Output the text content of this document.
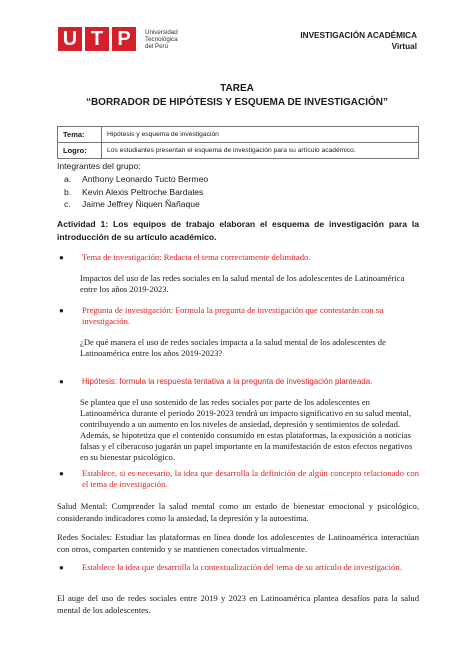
U T P	Universidad
Tecnológica
del Perú
INVESTIGACIÓN ACADÉMICA
Virtual
TAREA
“BORRADOR DE HIPÓTESIS Y ESQUEMA DE INVESTIGACIÓN”
Tema:	Hipótesis y esquema de investigación
Logro:	Los estudiantes presentan el esquema de investigación para su artículo académico.
Integrantes del grupo:
a.	Anthony Leonardo Tucto Bermeo
b.	Kevin Alexis Peltroche Bardales
c.	Jaime Jeffrey Ñiquen Ñañaque
Actividad 1: Los equipos de trabajo elaboran el esquema de investigación para la introducción de su artículo académico.
●	Tema de investigación: Redacta el tema correctamente delimitado.
Impactos del uso de las redes sociales en la salud mental de los adolescentes de Latinoamérica entre los años 2019-2023.
●	Pregunta de investigación: Formula la pregunta de investigación que contestarán con su investigación.
¿De qué manera el uso de redes sociales impacta a la salud mental de los adolescentes de Latinoamérica entre los años 2019-2023?
●	Hipótesis: formula la respuesta tentativa a la pregunta de investigación planteada.
Se plantea que el uso sostenido de las redes sociales por parte de los adolescentes en Latinoamérica durante el periodo 2019-2023 tendrá un impacto significativo en su salud mental, contribuyendo a un aumento en los niveles de ansiedad, depresión y sentimientos de soledad. Además, se hipotetiza que el contenido consumido en estas plataformas, la exposición a noticias falsas y el ciberacoso jugarán un papel importante en la manifestación de estos efectos negativos en su bienestar psicológico.
●	Establece, si es necesario, la idea que desarrolla la definición de algún concepto relacionado con el tema de investigación.
Salud Mental: Comprender la salud mental como un estado de bienestar emocional y psicológico, considerando indicadores como la ansiedad, la depresión y la autoestima.
Redes Sociales: Estudiar las plataformas en línea donde los adolescentes de Latinoamérica interactúan con otros, comparten contenido y se mantienen conectados virtualmente.
●	Establece la idea que desarrolla la contextualización del tema de su artículo de investigación.
El auge del uso de redes sociales entre 2019 y 2023 en Latinoamérica plantea desafíos para la salud mental de los adolescentes.
